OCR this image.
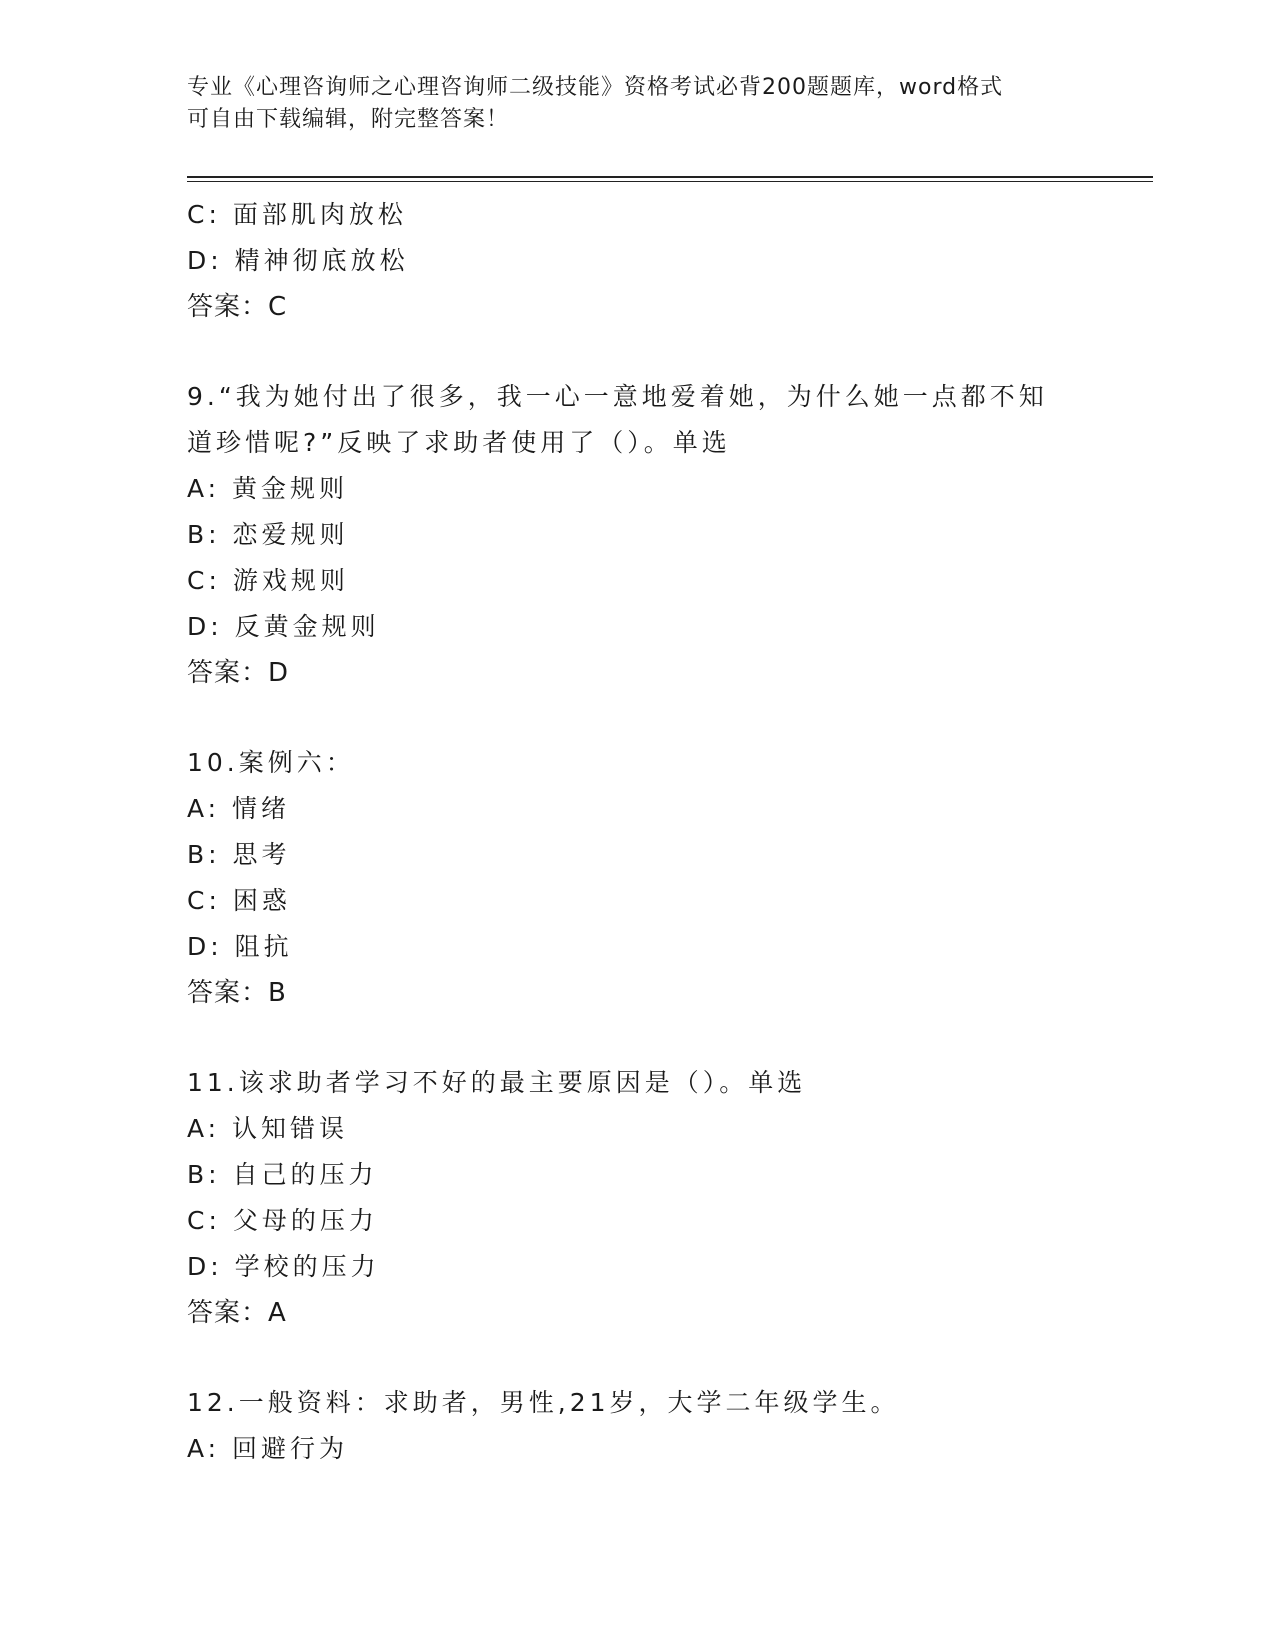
专业《心理咨询师之心理咨询师二级技能》资格考试必背200题题库，word格式
可自由下载编辑，附完整答案！
C: 面部肌肉放松
D: 精神彻底放松
答案：C
9.“我为她付出了很多，我一心一意地爱着她，为什么她一点都不知
道珍惜呢?”反映了求助者使用了（）。单选
A: 黄金规则
B: 恋爱规则
C: 游戏规则
D: 反黄金规则
答案：D
10.案例六：
A: 情绪
B: 思考
C: 困惑
D: 阻抗
答案：B
11.该求助者学习不好的最主要原因是（）。单选
A: 认知错误
B: 自己的压力
C: 父母的压力
D: 学校的压力
答案：A
12.一般资料：求助者，男性,21岁，大学二年级学生。
A: 回避行为
